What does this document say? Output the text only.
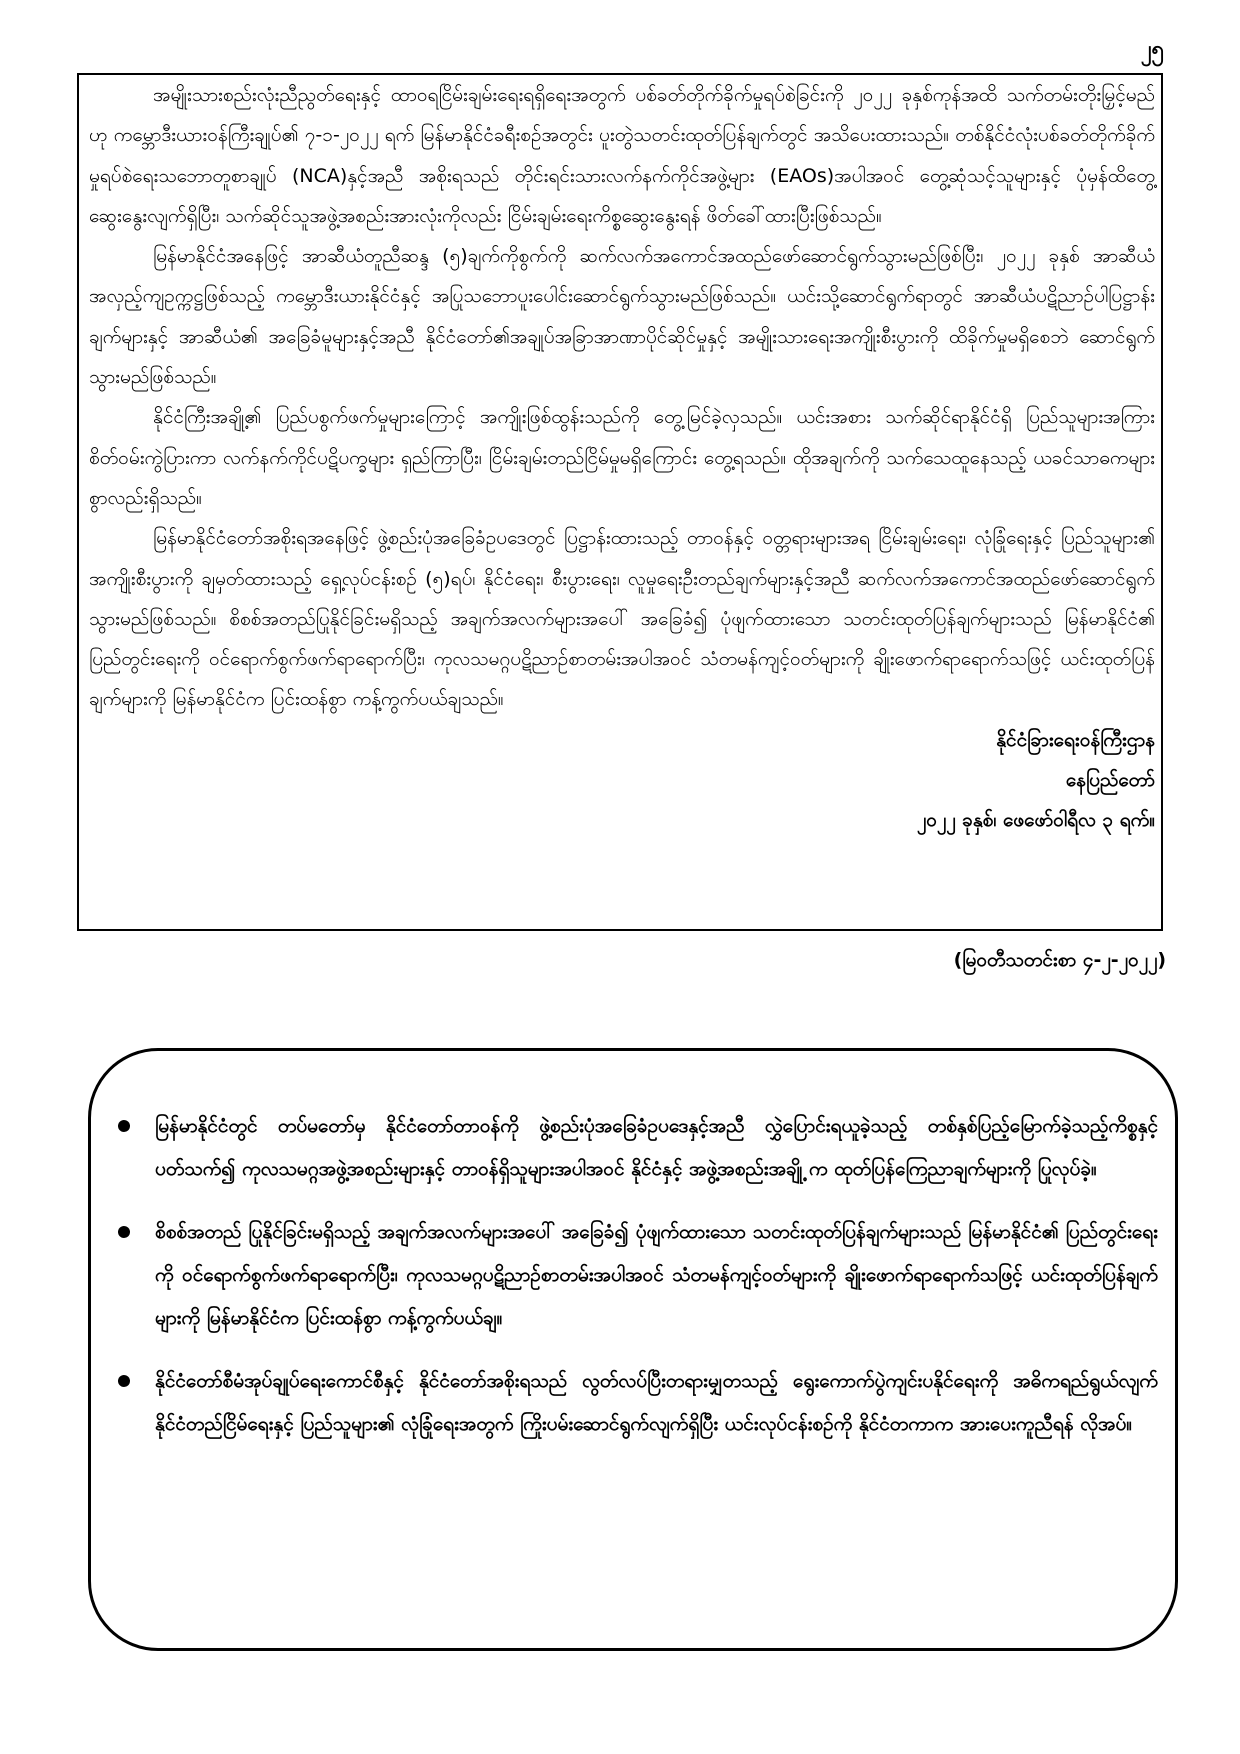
၂၅

အမျိုးသားစည်းလုံးညီညွတ်ရေးနှင့် ထာဝရငြိမ်းချမ်းရေးရရှိရေးအတွက် ပစ်ခတ်တိုက်ခိုက်မှုရပ်စဲခြင်းကို ၂၀၂၂ ခုနှစ်ကုန်အထိ သက်တမ်းတိုးမြှင့်မည်ဟု ကမ္ဘောဒီးယားဝန်ကြီးချုပ်၏ ၇-၁-၂၀၂၂ ရက် မြန်မာနိုင်ငံခရီးစဉ်အတွင်း ပူးတွဲသတင်းထုတ်ပြန်ချက်တွင် အသိပေးထားသည်။ တစ်နိုင်ငံလုံးပစ်ခတ်တိုက်ခိုက်မှုရပ်စဲရေးသဘောတူစာချုပ် (NCA)နှင့်အညီ အစိုးရသည် တိုင်းရင်းသားလက်နက်ကိုင်အဖွဲ့များ (EAOs)အပါအဝင် တွေ့ဆုံသင့်သူများနှင့် ပုံမှန်ထိတွေ့ဆွေးနွေးလျက်ရှိပြီး၊ သက်ဆိုင်သူအဖွဲ့အစည်းအားလုံးကိုလည်း ငြိမ်းချမ်းရေးကိစ္စဆွေးနွေးရန် ဖိတ်ခေါ်ထားပြီးဖြစ်သည်။

မြန်မာနိုင်ငံအနေဖြင့် အာဆီယံတူညီဆန္ဒ (၅)ချက်ကိုစွက်ကို ဆက်လက်အကောင်အထည်ဖော်ဆောင်ရွက်သွားမည်ဖြစ်ပြီး၊ ၂၀၂၂ ခုနှစ် အာဆီယံအလှည့်ကျဥက္ကဋ္ဌဖြစ်သည့် ကမ္ဘောဒီးယားနိုင်ငံနှင့် အပြုသဘောပူးပေါင်းဆောင်ရွက်သွားမည်ဖြစ်သည်။ ယင်းသို့ဆောင်ရွက်ရာတွင် အာဆီယံပဋိညာဉ်ပါပြဋ္ဌာန်းချက်များနှင့် အာဆီယံ၏ အခြေခံမူများနှင့်အညီ နိုင်ငံတော်၏အချုပ်အခြာအာဏာပိုင်ဆိုင်မှုနှင့် အမျိုးသားရေးအကျိုးစီးပွားကို ထိခိုက်မှုမရှိစေဘဲ ဆောင်ရွက်သွားမည်ဖြစ်သည်။

နိုင်ငံကြီးအချို့၏ ပြည်ပစွက်ဖက်မှုများကြောင့် အကျိုးဖြစ်ထွန်းသည်ကို တွေ့မြင်ခဲ့လှသည်။ ယင်းအစား သက်ဆိုင်ရာနိုင်ငံရှိ ပြည်သူများအကြား စိတ်ဝမ်းကွဲပြားကာ လက်နက်ကိုင်ပဋိပက္ခများ ရှည်ကြာပြီး၊ ငြိမ်းချမ်းတည်ငြိမ်မှုမရှိကြောင်း တွေ့ရသည်။ ထိုအချက်ကို သက်သေထူနေသည့် ယခင်သာဓကများစွာလည်းရှိသည်။

မြန်မာနိုင်ငံတော်အစိုးရအနေဖြင့် ဖွဲ့စည်းပုံအခြေခံဥပဒေတွင် ပြဋ္ဌာန်းထားသည့် တာဝန်နှင့် ဝတ္တရားများအရ ငြိမ်းချမ်းရေး၊ လုံခြုံရေးနှင့် ပြည်သူများ၏ အကျိုးစီးပွားကို ချမှတ်ထားသည့် ရှေ့လုပ်ငန်းစဉ် (၅)ရပ်၊ နိုင်ငံရေး၊ စီးပွားရေး၊ လူမှုရေးဦးတည်ချက်များနှင့်အညီ ဆက်လက်အကောင်အထည်ဖော်ဆောင်ရွက်သွားမည်ဖြစ်သည်။ စိစစ်အတည်ပြုနိုင်ခြင်းမရှိသည့် အချက်အလက်များအပေါ် အခြေခံ၍ ပုံဖျက်ထားသော သတင်းထုတ်ပြန်ချက်များသည် မြန်မာနိုင်ငံ၏ ပြည်တွင်းရေးကို ဝင်ရောက်စွက်ဖက်ရာရောက်ပြီး၊ ကုလသမဂ္ဂပဋိညာဉ်စာတမ်းအပါအဝင် သံတမန်ကျင့်ဝတ်များကို ချိုးဖောက်ရာရောက်သဖြင့် ယင်းထုတ်ပြန်ချက်များကို မြန်မာနိုင်ငံက ပြင်းထန်စွာ ကန့်ကွက်ပယ်ချသည်။

နိုင်ငံခြားရေးဝန်ကြီးဌာန
နေပြည်တော်
၂၀၂၂ ခုနှစ်၊ ဖေဖော်ဝါရီလ ၃ ရက်။
(မြဝတီသတင်းစာ ၄-၂-၂၀၂၂)
မြန်မာနိုင်ငံတွင် တပ်မတော်မှ နိုင်ငံတော်တာဝန်ကို ဖွဲ့စည်းပုံအခြေခံဥပဒေနှင့်အညီ လွှဲပြောင်းရယူခဲ့သည့် တစ်နှစ်ပြည့်မြောက်ခဲ့သည့်ကိစ္စနှင့်ပတ်သက်၍ ကုလသမဂ္ဂအဖွဲ့အစည်းများနှင့် တာဝန်ရှိသူများအပါအဝင် နိုင်ငံနှင့် အဖွဲ့အစည်းအချို့ က ထုတ်ပြန်ကြေညာချက်များကို ပြုလုပ်ခဲ့။
စိစစ်အတည် ပြုနိုင်ခြင်းမရှိသည့် အချက်အလက်များအပေါ် အခြေခံ၍ ပုံဖျက်ထားသော သတင်းထုတ်ပြန်ချက်များသည် မြန်မာနိုင်ငံ၏ ပြည်တွင်းရေးကို ဝင်ရောက်စွက်ဖက်ရာရောက်ပြီး၊ ကုလသမဂ္ဂပဋိညာဉ်စာတမ်းအပါအဝင် သံတမန်ကျင့်ဝတ်များကို ချိုးဖောက်ရာရောက်သဖြင့် ယင်းထုတ်ပြန်ချက်များကို မြန်မာနိုင်ငံက ပြင်းထန်စွာ ကန့်ကွက်ပယ်ချ။
နိုင်ငံတော်စီမံအုပ်ချုပ်ရေးကောင်စီနှင့် နိုင်ငံတော်အစိုးရသည် လွတ်လပ်ပြီးတရားမျှတသည့် ရွေးကောက်ပွဲကျင်းပနိုင်ရေးကို အဓိကရည်ရွယ်လျက် နိုင်ငံတည်ငြိမ်ရေးနှင့် ပြည်သူများ၏ လုံခြုံရေးအတွက် ကြိုးပမ်းဆောင်ရွက်လျက်ရှိပြီး ယင်းလုပ်ငန်းစဉ်ကို နိုင်ငံတကာက အားပေးကူညီရန် လိုအပ်။
